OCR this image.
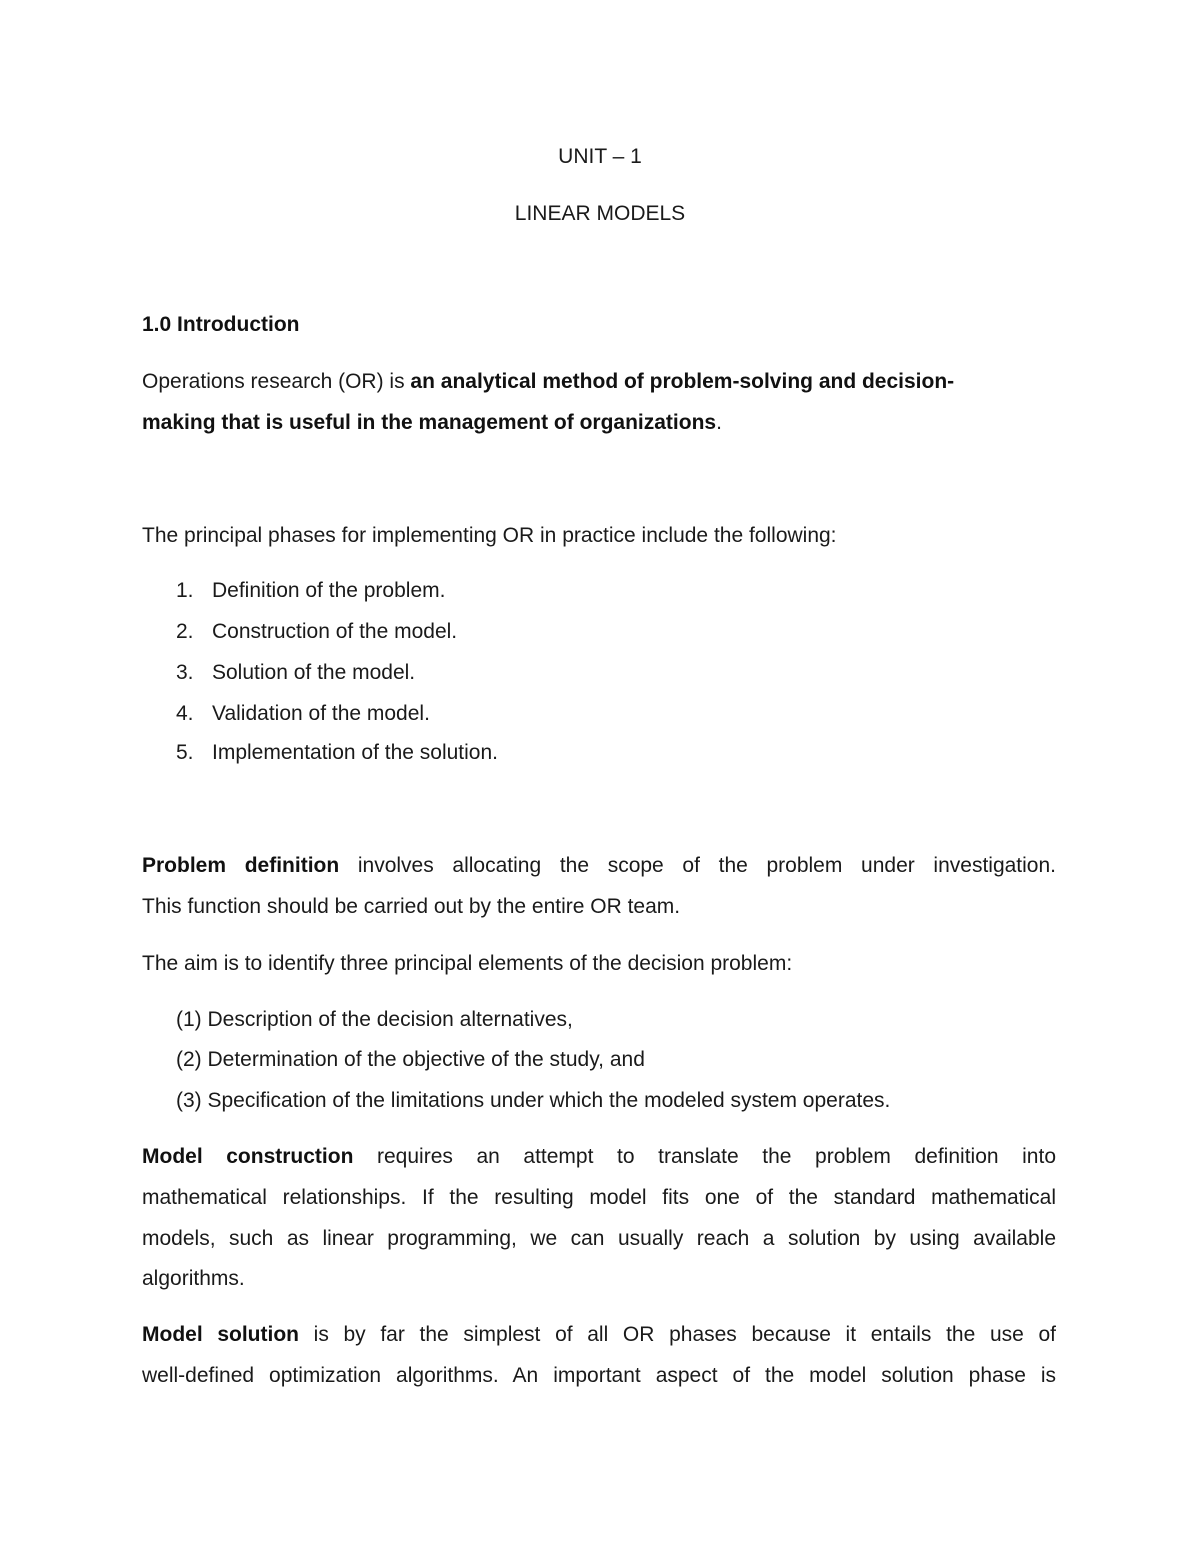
UNIT – 1
LINEAR MODELS
1.0 Introduction
Operations research (OR) is an analytical method of problem-solving and decision-
making that is useful in the management of organizations.
The principal phases for implementing OR in practice include the following:
1. Definition of the problem.
2. Construction of the model.
3. Solution of the model.
4. Validation of the model.
5. Implementation of the solution.
Problem definition involves allocating the scope of the problem under investigation.
This function should be carried out by the entire OR team.
The aim is to identify three principal elements of the decision problem:
(1) Description of the decision alternatives,
(2) Determination of the objective of the study, and
(3) Specification of the limitations under which the modeled system operates.
Model construction requires an attempt to translate the problem definition into
mathematical relationships. If the resulting model fits one of the standard mathematical
models, such as linear programming, we can usually reach a solution by using available
algorithms.
Model solution is by far the simplest of all OR phases because it entails the use of
well-defined optimization algorithms. An important aspect of the model solution phase is
